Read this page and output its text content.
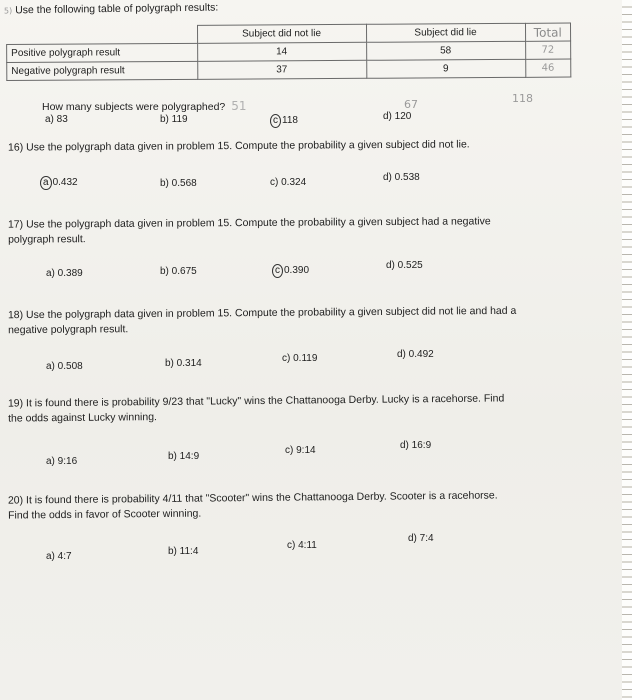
5) Use the following table of polygraph results:
	Subject did not lie	Subject did lie	Total
Positive polygraph result	14	58	72
Negative polygraph result	37	9	46
How many subjects were polygraphed? 51	67	118
a) 83	b) 119	c 118	d) 120
16) Use the polygraph data given in problem 15. Compute the probability a given subject did not lie.
a 0.432	b) 0.568	c) 0.324	d) 0.538
17) Use the polygraph data given in problem 15. Compute the probability a given subject had a negative
polygraph result.
a) 0.389	b) 0.675	c 0.390	d) 0.525
18) Use the polygraph data given in problem 15. Compute the probability a given subject did not lie and had a
negative polygraph result.
a) 0.508	b) 0.314	c) 0.119	d) 0.492
19) It is found there is probability 9/23 that "Lucky" wins the Chattanooga Derby. Lucky is a racehorse. Find
the odds against Lucky winning.
a) 9:16	b) 14:9
c) 9:14	d) 16:9
20) It is found there is probability 4/11 that "Scooter" wins the Chattanooga Derby. Scooter is a racehorse.
Find the odds in favor of Scooter winning.
a) 4:7	b) 11:4
c) 4:11
d) 7:4
